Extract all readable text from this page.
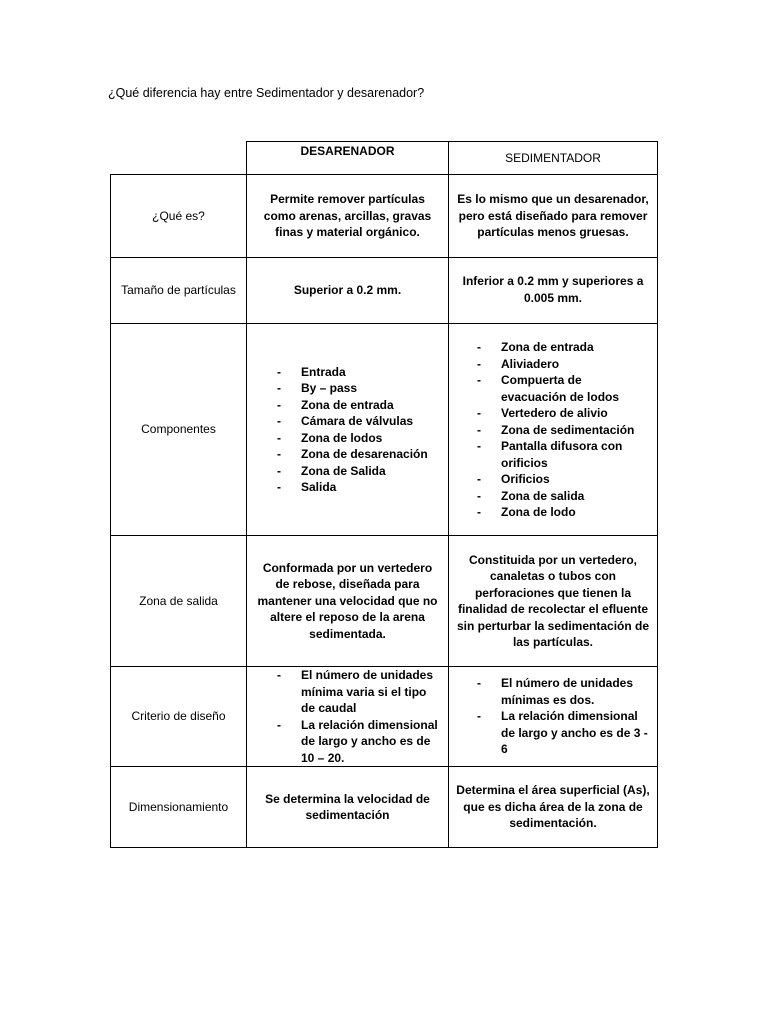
¿Qué diferencia hay entre Sedimentador y desarenador?
DESARENADOR	SEDIMENTADOR
¿Qué es?
Permite remover partículas como arenas, arcillas, gravas finas y material orgánico.
Es lo mismo que un desarenador, pero está diseñado para remover partículas menos gruesas.
Tamaño de partículas	Superior a 0.2 mm.
Inferior a 0.2 mm y superiores a 0.005 mm.
Componentes
- Entrada
- By – pass
- Zona de entrada
- Cámara de válvulas
- Zona de lodos
- Zona de desarenación
- Zona de Salida
- Salida
- Zona de entrada
- Aliviadero
- Compuerta de evacuación de lodos
- Vertedero de alivio
- Zona de sedimentación
- Pantalla difusora con orificios
- Orificios
- Zona de salida
- Zona de lodo
Zona de salida
Conformada por un vertedero de rebose, diseñada para mantener una velocidad que no altere el reposo de la arena sedimentada.
Constituida por un vertedero, canaletas o tubos con perforaciones que tienen la finalidad de recolectar el efluente sin perturbar la sedimentación de las partículas.
Criterio de diseño
- El número de unidades mínima varia si el tipo de caudal
- La relación dimensional de largo y ancho es de 10 – 20.
- El número de unidades mínimas es dos.
- La relación dimensional de largo y ancho es de 3 - 6
Dimensionamiento
Se determina la velocidad de sedimentación
Determina el área superficial (As), que es dicha área de la zona de sedimentación.
